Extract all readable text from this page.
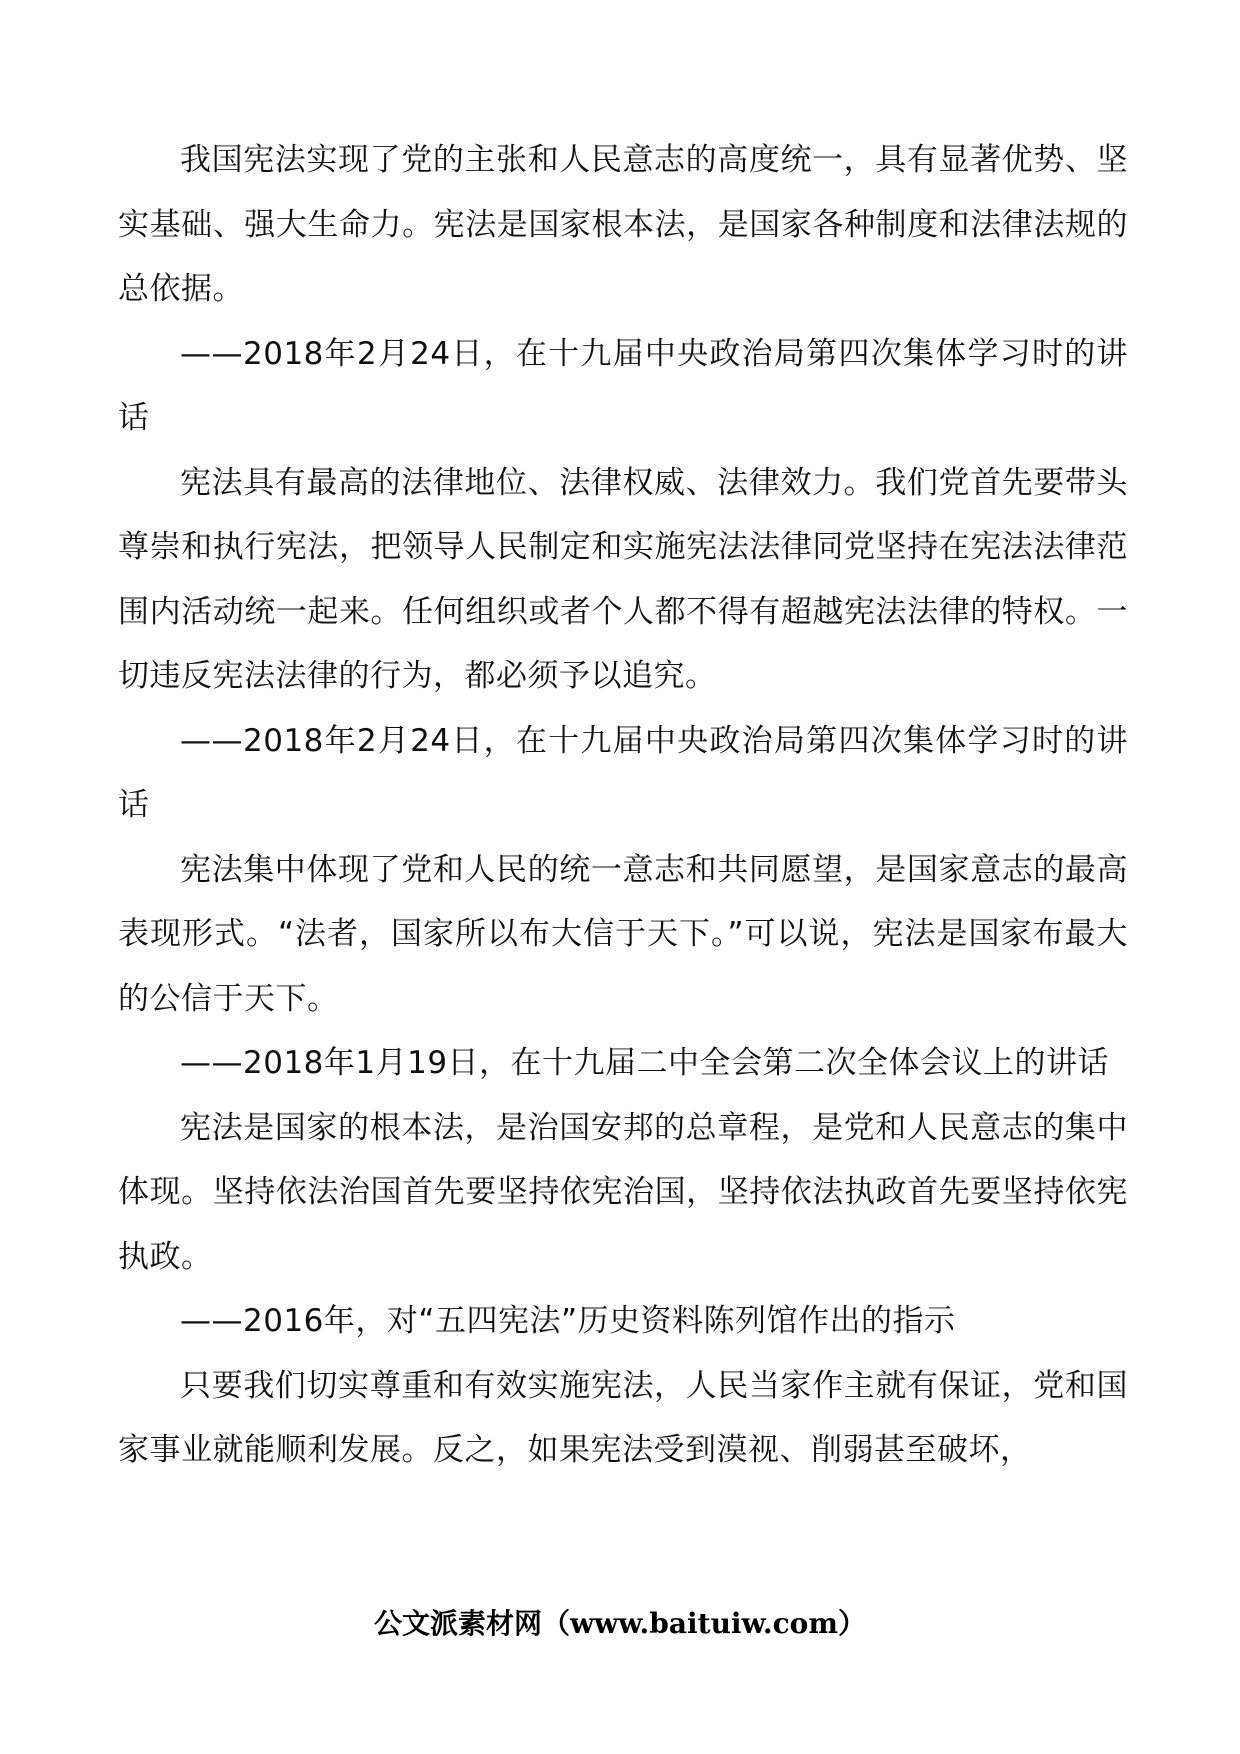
我国宪法实现了党的主张和人民意志的高度统一，具有显著优势、坚实基础、强大生命力。宪法是国家根本法，是国家各种制度和法律法规的总依据。

——2018年2月24日，在十九届中央政治局第四次集体学习时的讲话

宪法具有最高的法律地位、法律权威、法律效力。我们党首先要带头尊崇和执行宪法，把领导人民制定和实施宪法法律同党坚持在宪法法律范围内活动统一起来。任何组织或者个人都不得有超越宪法法律的特权。一切违反宪法法律的行为，都必须予以追究。

——2018年2月24日，在十九届中央政治局第四次集体学习时的讲话

宪法集中体现了党和人民的统一意志和共同愿望，是国家意志的最高表现形式。“法者，国家所以布大信于天下。”可以说，宪法是国家布最大的公信于天下。

——2018年1月19日，在十九届二中全会第二次全体会议上的讲话

宪法是国家的根本法，是治国安邦的总章程，是党和人民意志的集中体现。坚持依法治国首先要坚持依宪治国，坚持依法执政首先要坚持依宪执政。

——2016年，对“五四宪法”历史资料陈列馆作出的指示

只要我们切实尊重和有效实施宪法，人民当家作主就有保证，党和国家事业就能顺利发展。反之，如果宪法受到漠视、削弱甚至破坏，

公文派素材网（www.baituiw.com）
